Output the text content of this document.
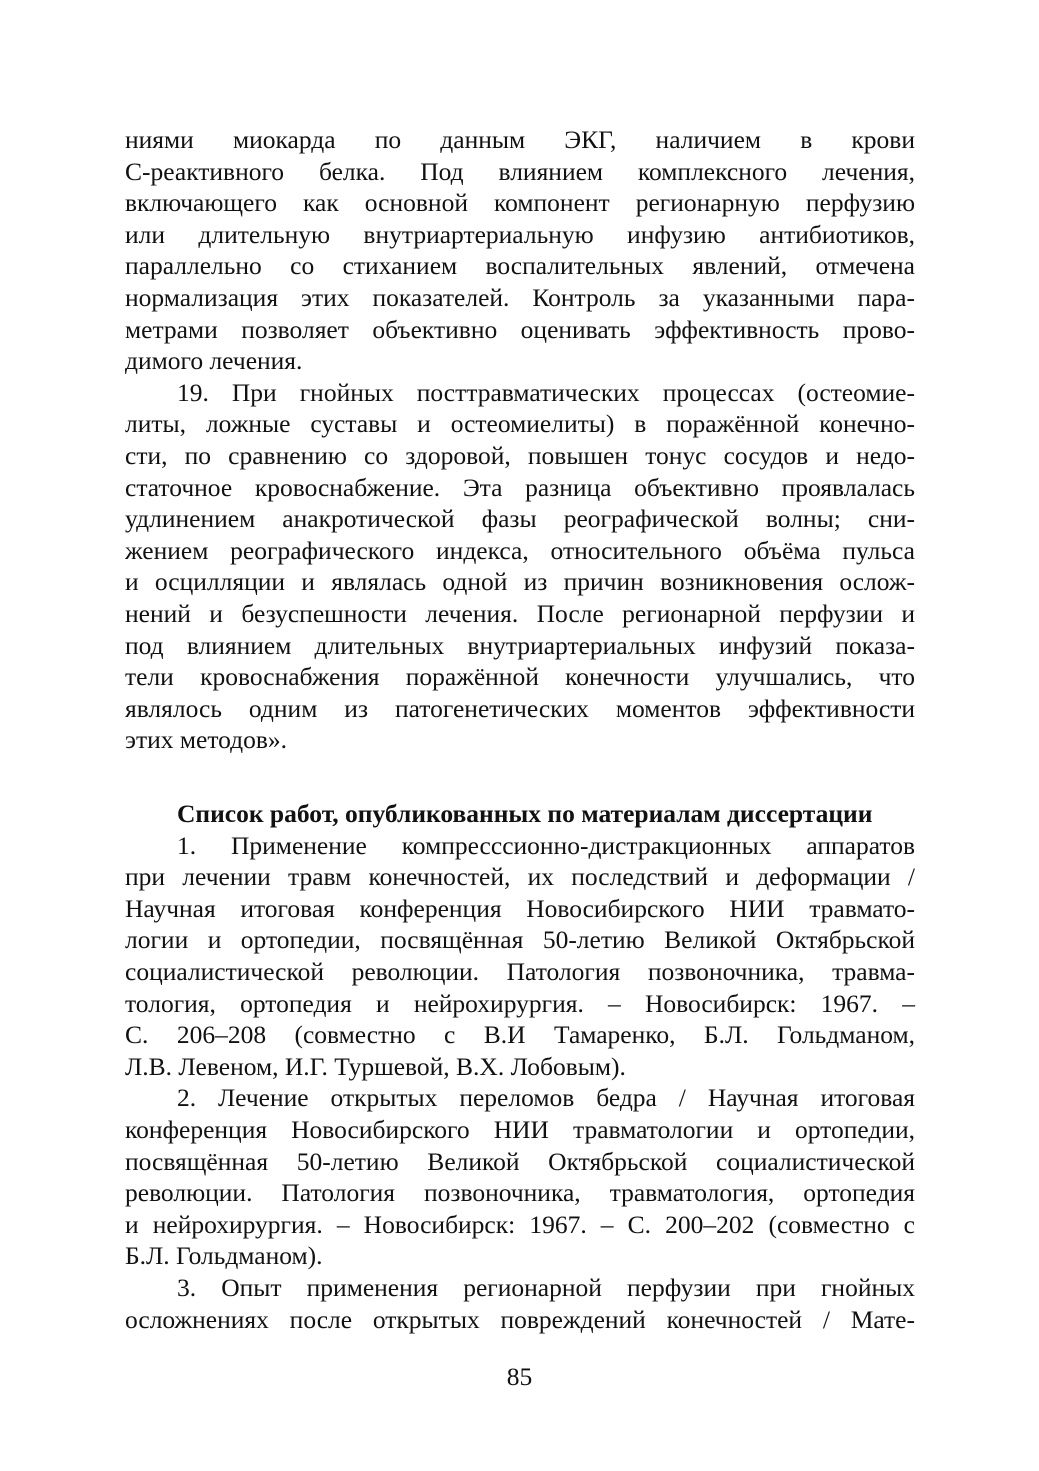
ниями миокарда по данным ЭКГ, наличием в крови
С-реактивного белка. Под влиянием комплексного лечения,
включающего как основной компонент регионарную перфузию
или длительную внутриартериальную инфузию антибиотиков,
параллельно со стиханием воспалительных явлений, отмечена
нормализация этих показателей. Контроль за указанными пара-
метрами позволяет объективно оценивать эффективность прово-
димого лечения.
19. При гнойных посттравматических процессах (остеомие-
литы, ложные суставы и остеомиелиты) в поражённой конечно-
сти, по сравнению со здоровой, повышен тонус сосудов и недо-
статочное кровоснабжение. Эта разница объективно проявлалась
удлинением анакротической фазы реографической волны; сни-
жением реографического индекса, относительного объёма пульса
и осцилляции и являлась одной из причин возникновения ослож-
нений и безуспешности лечения. После регионарной перфузии и
под влиянием длительных внутриартериальных инфузий показа-
тели кровоснабжения поражённой конечности улучшались, что
являлось одним из патогенетических моментов эффективности
этих методов».
Список работ, опубликованных по материалам диссертации
1. Применение компресссионно-дистракционных аппаратов
при лечении травм конечностей, их последствий и деформации /
Научная итоговая конференция Новосибирского НИИ травмато-
логии и ортопедии, посвящённая 50-летию Великой Октябрьской
социалистической революции. Патология позвоночника, травма-
тология, ортопедия и нейрохирургия. – Новосибирск: 1967. –
С. 206–208 (совместно с В.И Тамаренко, Б.Л. Гольдманом,
Л.В. Левеном, И.Г. Туршевой, В.Х. Лобовым).
2. Лечение открытых переломов бедра / Научная итоговая
конференция Новосибирского НИИ травматологии и ортопедии,
посвящённая 50-летию Великой Октябрьской социалистической
революции. Патология позвоночника, травматология, ортопедия
и нейрохирургия. – Новосибирск: 1967. – С. 200–202 (совместно с
Б.Л. Гольдманом).
3. Опыт применения регионарной перфузии при гнойных
осложнениях после открытых повреждений конечностей / Мате-
85
